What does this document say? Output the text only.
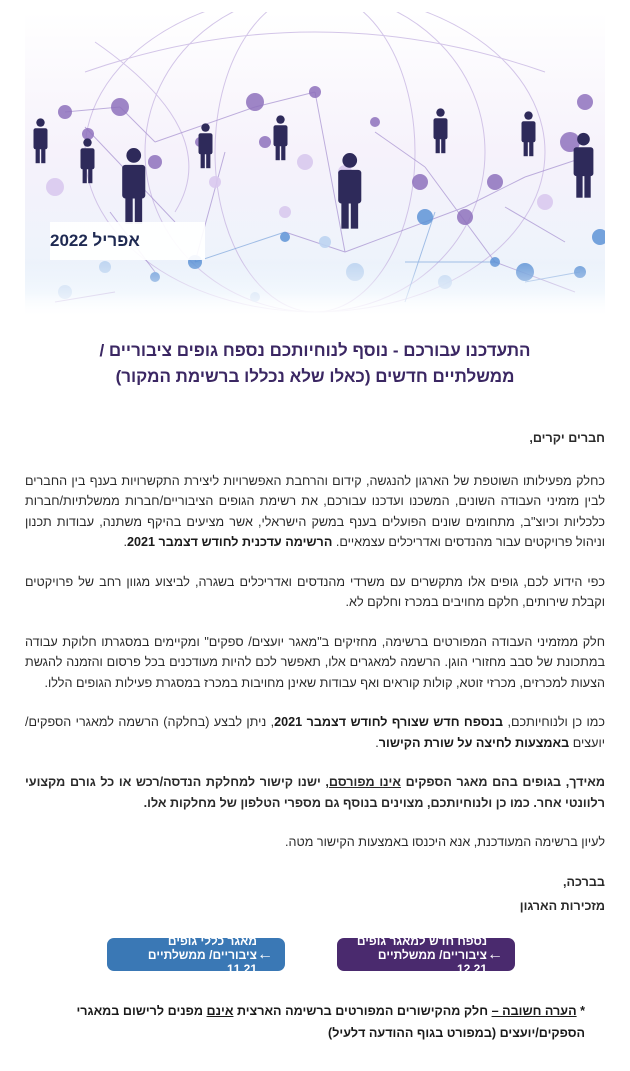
אפריל 2022
התעדכנו עבורכם - נוסף לנוחיותכם נספח גופים ציבוריים /
ממשלתיים חדשים (כאלו שלא נכללו ברשימת המקור)

חברים יקרים,

כחלק מפעילותו השוטפת של הארגון להנגשה, קידום והרחבת האפשרויות ליצירת התקשרויות בענף בין החברים לבין מזמיני העבודה השונים, המשכנו ועדכנו עבורכם, את רשימת הגופים הציבוריים/חברות ממשלתיות/חברות כלכליות וכיוצ"ב, מתחומים שונים הפועלים בענף במשק הישראלי, אשר מציעים בהיקף משתנה, עבודות תכנון וניהול פרויקטים עבור מהנדסים ואדריכלים עצמאיים. הרשימה עדכנית לחודש דצמבר 2021.

כפי הידוע לכם, גופים אלו מתקשרים עם משרדי מהנדסים ואדריכלים בשגרה, לביצוע מגוון רחב של פרויקטים וקבלת שירותים, חלקם מחויבים במכרז וחלקם לא.

חלק ממזמיני העבודה המפורטים ברשימה, מחזיקים ב"מאגר יועצים/ ספקים" ומקיימים במסגרתו חלוקת עבודה במתכונת של סבב מחזורי הוגן. הרשמה למאגרים אלו, תאפשר לכם להיות מעודכנים בכל פרסום והזמנה להגשת הצעות למכרזים, מכרזי זוטא, קולות קוראים ואף עבודות שאינן מחויבות במכרז במסגרת פעילות הגופים הללו.

כמו כן ולנוחיותכם, בנספח חדש שצורף לחודש דצמבר 2021, ניתן לבצע (בחלקה) הרשמה למאגרי הספקים/ יועצים באמצעות לחיצה על שורת הקישור.

מאידך, בגופים בהם מאגר הספקים אינו מפורסם, ישנו קישור למחלקת הנדסה/רכש או כל גורם מקצועי רלוונטי אחר. כמו כן ולנוחיותכם, מצוינים בנוסף גם מספרי הטלפון של מחלקות אלו.

לעיון ברשימה המעודכנת, אנא היכנסו באמצעות הקישור מטה.

בברכה,
מזכירות הארגון
נספח חדש למאגר גופים
ציבוריים/ ממשלתיים 12.21
←
מאגר כללי גופים
ציבוריים/ ממשלתיים 11.21
←
* הערה חשובה – חלק מהקישורים המפורטים ברשימה הארצית אינם מפנים לרישום במאגרי הספקים/יועצים (במפורט בגוף ההודעה דלעיל)
